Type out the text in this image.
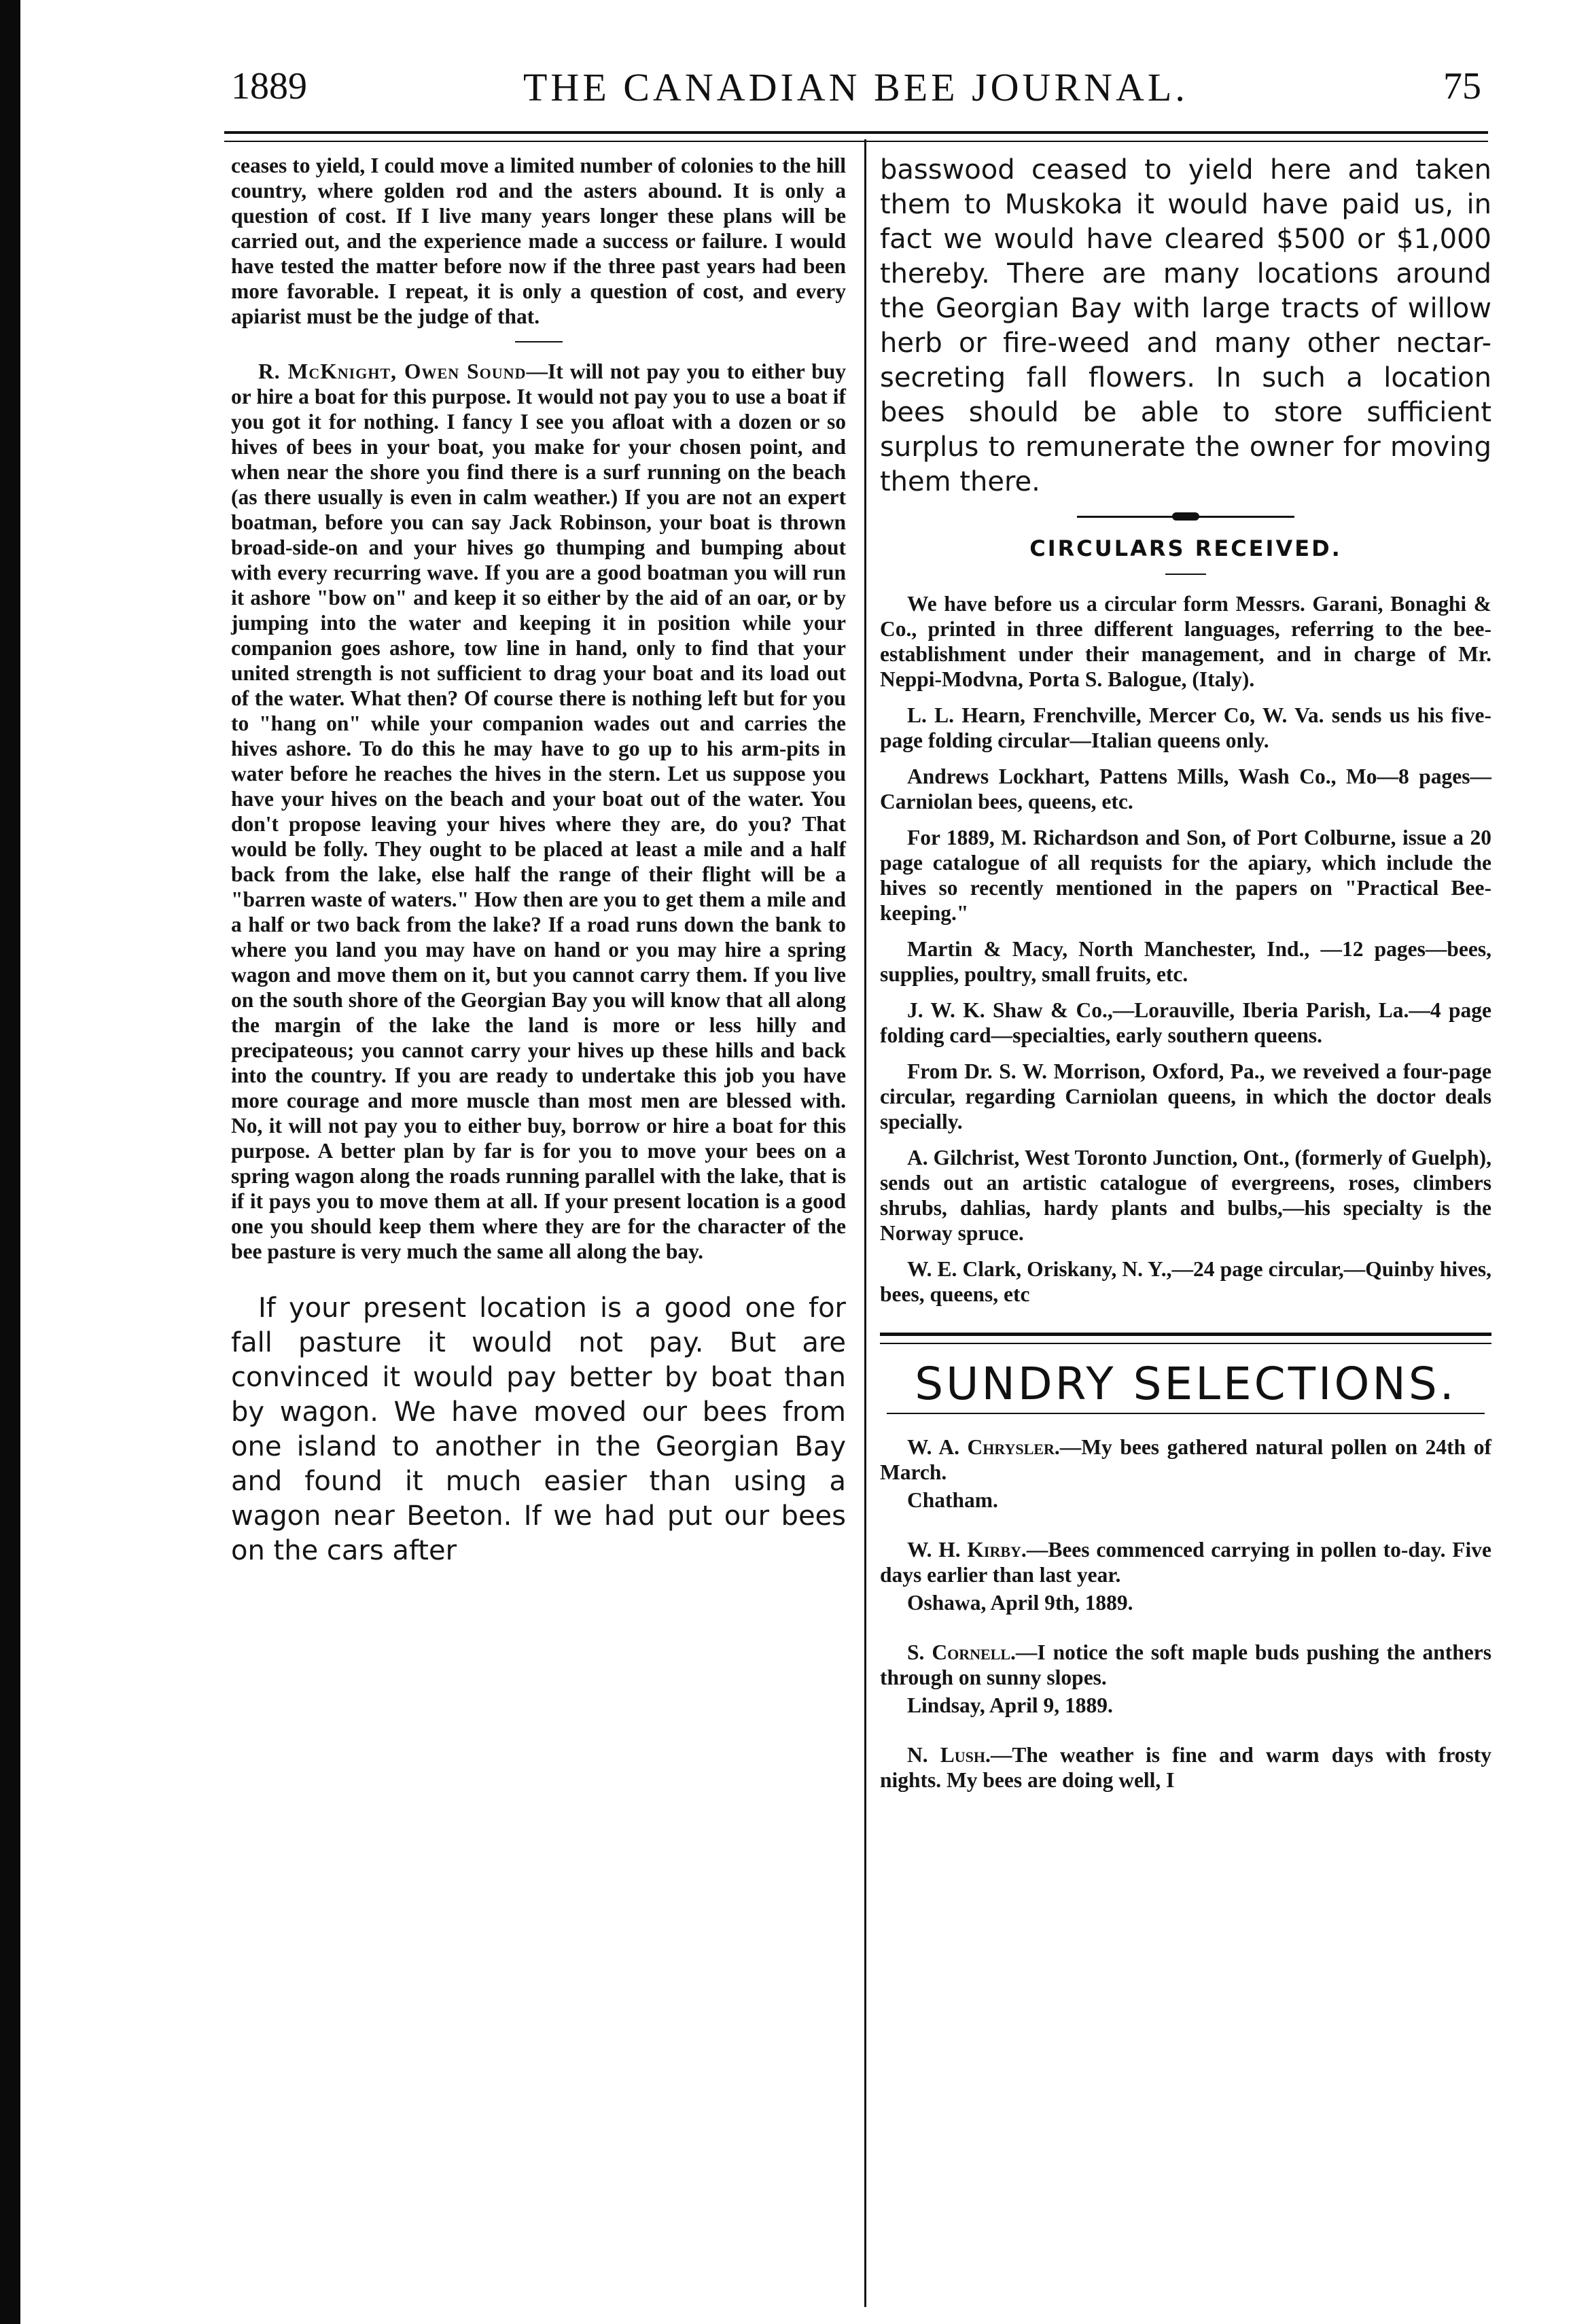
1889	THE CANADIAN BEE JOURNAL.	75

ceases to yield, I could move a limited number of colonies to the hill country, where golden rod and the asters abound. It is only a question of cost. If I live many years longer these plans will be carried out, and the experience made a success or failure. I would have tested the matter before now if the three past years had been more favorable. I repeat, it is only a question of cost, and every apiarist must be the judge of that.

R. McKnight, Owen Sound—It will not pay you to either buy or hire a boat for this purpose. It would not pay you to use a boat if you got it for nothing. I fancy I see you afloat with a dozen or so hives of bees in your boat, you make for your chosen point, and when near the shore you find there is a surf running on the beach (as there usually is even in calm weather.) If you are not an expert boatman, before you can say Jack Robinson, your boat is thrown broad-side-on and your hives go thumping and bumping about with every recurring wave. If you are a good boatman you will run it ashore "bow on" and keep it so either by the aid of an oar, or by jumping into the water and keeping it in position while your companion goes ashore, tow line in hand, only to find that your united strength is not sufficient to drag your boat and its load out of the water. What then? Of course there is nothing left but for you to "hang on" while your companion wades out and carries the hives ashore. To do this he may have to go up to his arm-pits in water before he reaches the hives in the stern. Let us suppose you have your hives on the beach and your boat out of the water. You don't propose leaving your hives where they are, do you? That would be folly. They ought to be placed at least a mile and a half back from the lake, else half the range of their flight will be a "barren waste of waters." How then are you to get them a mile and a half or two back from the lake? If a road runs down the bank to where you land you may have on hand or you may hire a spring wagon and move them on it, but you cannot carry them. If you live on the south shore of the Georgian Bay you will know that all along the margin of the lake the land is more or less hilly and precipateous; you cannot carry your hives up these hills and back into the country. If you are ready to undertake this job you have more courage and more muscle than most men are blessed with. No, it will not pay you to either buy, borrow or hire a boat for this purpose. A better plan by far is for you to move your bees on a spring wagon along the roads running parallel with the lake, that is if it pays you to move them at all. If your present location is a good one you should keep them where they are for the character of the bee pasture is very much the same all along the bay.

If your present location is a good one for fall pasture it would not pay. But are convinced it would pay better by boat than by wagon. We have moved our bees from one island to another in the Georgian Bay and found it much easier than using a wagon near Beeton. If we had put our bees on the cars after

basswood ceased to yield here and taken them to Muskoka it would have paid us, in fact we would have cleared $500 or $1,000 thereby. There are many locations around the Georgian Bay with large tracts of willow herb or fire-weed and many other nectar-secreting fall flowers. In such a location bees should be able to store sufficient surplus to remunerate the owner for moving them there.

CIRCULARS RECEIVED.

We have before us a circular form Messrs. Garani, Bonaghi & Co., printed in three different languages, referring to the bee-establishment under their management, and in charge of Mr. Neppi-Modvna, Porta S. Balogue, (Italy).

L. L. Hearn, Frenchville, Mercer Co, W. Va. sends us his five-page folding circular—Italian queens only.

Andrews Lockhart, Pattens Mills, Wash Co., Mo—8 pages—Carniolan bees, queens, etc.

For 1889, M. Richardson and Son, of Port Colburne, issue a 20 page catalogue of all requists for the apiary, which include the hives so recently mentioned in the papers on "Practical Bee-keeping."

Martin & Macy, North Manchester, Ind., —12 pages—bees, supplies, poultry, small fruits, etc.

J. W. K. Shaw & Co.,—Lorauville, Iberia Parish, La.—4 page folding card—specialties, early southern queens.

From Dr. S. W. Morrison, Oxford, Pa., we reveived a four-page circular, regarding Carniolan queens, in which the doctor deals specially.

A. Gilchrist, West Toronto Junction, Ont., (formerly of Guelph), sends out an artistic catalogue of evergreens, roses, climbers shrubs, dahlias, hardy plants and bulbs,—his specialty is the Norway spruce.

W. E. Clark, Oriskany, N. Y.,—24 page circular,—Quinby hives, bees, queens, etc

SUNDRY SELECTIONS.

W. A. Chrysler.—My bees gathered natural pollen on 24th of March.

Chatham.

W. H. Kirby.—Bees commenced carrying in pollen to-day. Five days earlier than last year.

Oshawa, April 9th, 1889.

S. Cornell.—I notice the soft maple buds pushing the anthers through on sunny slopes.

Lindsay, April 9, 1889.

N. Lush.—The weather is fine and warm days with frosty nights. My bees are doing well, I
